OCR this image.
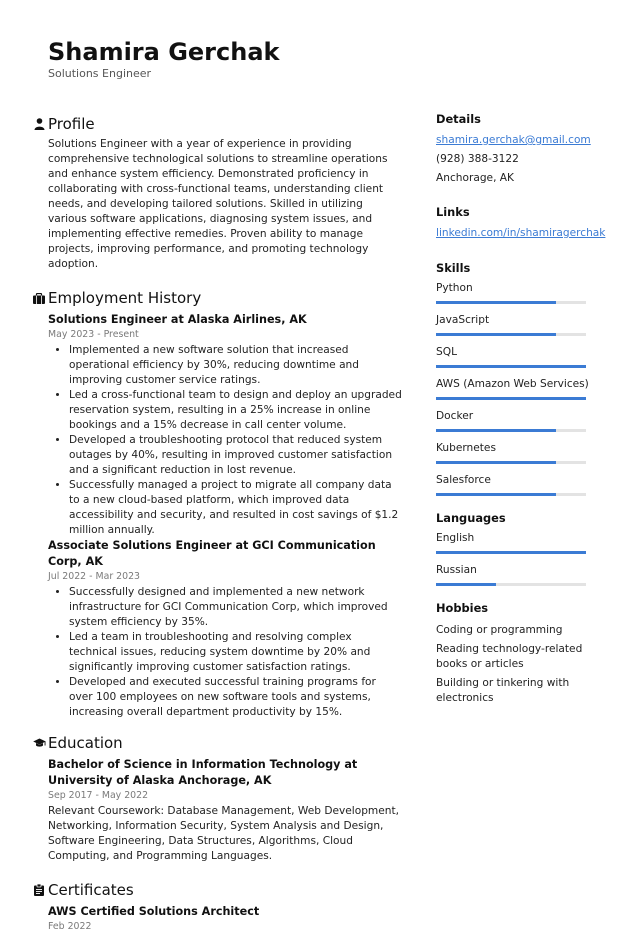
Shamira Gerchak
Solutions Engineer
Profile
Solutions Engineer with a year of experience in providing comprehensive technological solutions to streamline operations and enhance system efficiency. Demonstrated proficiency in collaborating with cross-functional teams, understanding client needs, and developing tailored solutions. Skilled in utilizing various software applications, diagnosing system issues, and implementing effective remedies. Proven ability to manage projects, improving performance, and promoting technology adoption.
Employment History
Solutions Engineer at Alaska Airlines, AK
May 2023 - Present
• Implemented a new software solution that increased operational efficiency by 30%, reducing downtime and improving customer service ratings.
• Led a cross-functional team to design and deploy an upgraded reservation system, resulting in a 25% increase in online bookings and a 15% decrease in call center volume.
• Developed a troubleshooting protocol that reduced system outages by 40%, resulting in improved customer satisfaction and a significant reduction in lost revenue.
• Successfully managed a project to migrate all company data to a new cloud-based platform, which improved data accessibility and security, and resulted in cost savings of $1.2 million annually.
Associate Solutions Engineer at GCI Communication Corp, AK
Jul 2022 - Mar 2023
• Successfully designed and implemented a new network infrastructure for GCI Communication Corp, which improved system efficiency by 35%.
• Led a team in troubleshooting and resolving complex technical issues, reducing system downtime by 20% and significantly improving customer satisfaction ratings.
• Developed and executed successful training programs for over 100 employees on new software tools and systems, increasing overall department productivity by 15%.
Education
Bachelor of Science in Information Technology at University of Alaska Anchorage, AK
Sep 2017 - May 2022
Relevant Coursework: Database Management, Web Development, Networking, Information Security, System Analysis and Design, Software Engineering, Data Structures, Algorithms, Cloud Computing, and Programming Languages.
Certificates
AWS Certified Solutions Architect
Feb 2022
Details
shamira.gerchak@gmail.com
(928) 388-3122
Anchorage, AK
Links
linkedin.com/in/shamiragerchak
Skills
Python
JavaScript
SQL
AWS (Amazon Web Services)
Docker
Kubernetes
Salesforce
Languages
English
Russian
Hobbies
Coding or programming
Reading technology-related books or articles
Building or tinkering with electronics
